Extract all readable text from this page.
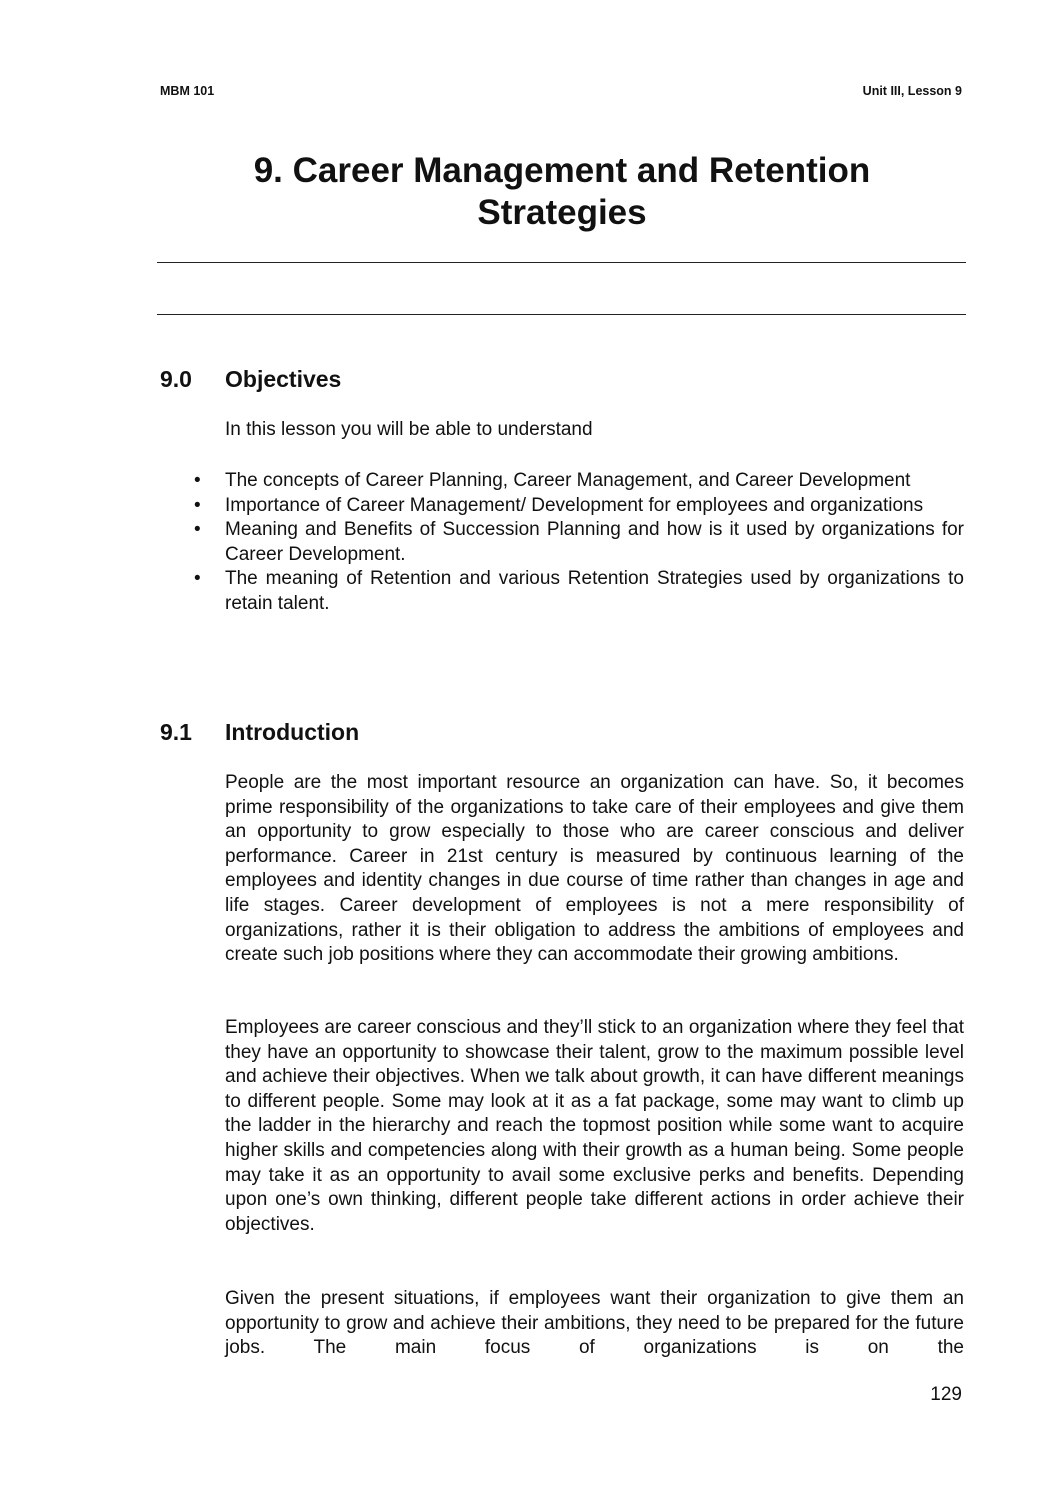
MBM 101	Unit III, Lesson 9
9. Career Management and Retention
Strategies
9.0 Objectives
In this lesson you will be able to understand
• The concepts of Career Planning, Career Management, and Career Development
• Importance of Career Management/ Development for employees and organizations
• Meaning and Benefits of Succession Planning and how is it used by organizations for Career Development.
• The meaning of Retention and various Retention Strategies used by organizations to retain talent.
9.1 Introduction

People are the most important resource an organization can have. So, it becomes prime responsibility of the organizations to take care of their employees and give them an opportunity to grow especially to those who are career conscious and deliver performance. Career in 21st century is measured by continuous learning of the employees and identity changes in due course of time rather than changes in age and life stages. Career development of employees is not a mere responsibility of organizations, rather it is their obligation to address the ambitions of employees and create such job positions where they can accommodate their growing ambitions.

Employees are career conscious and they’ll stick to an organization where they feel that they have an opportunity to showcase their talent, grow to the maximum possible level and achieve their objectives. When we talk about growth, it can have different meanings to different people. Some may look at it as a fat package, some may want to climb up the ladder in the hierarchy and reach the topmost position while some want to acquire higher skills and competencies along with their growth as a human being. Some people may take it as an opportunity to avail some exclusive perks and benefits. Depending upon one’s own thinking, different people take different actions in order achieve their objectives.

Given the present situations, if employees want their organization to give them an opportunity to grow and achieve their ambitions, they need to be prepared for the future jobs. The main focus of organizations is on the

129
